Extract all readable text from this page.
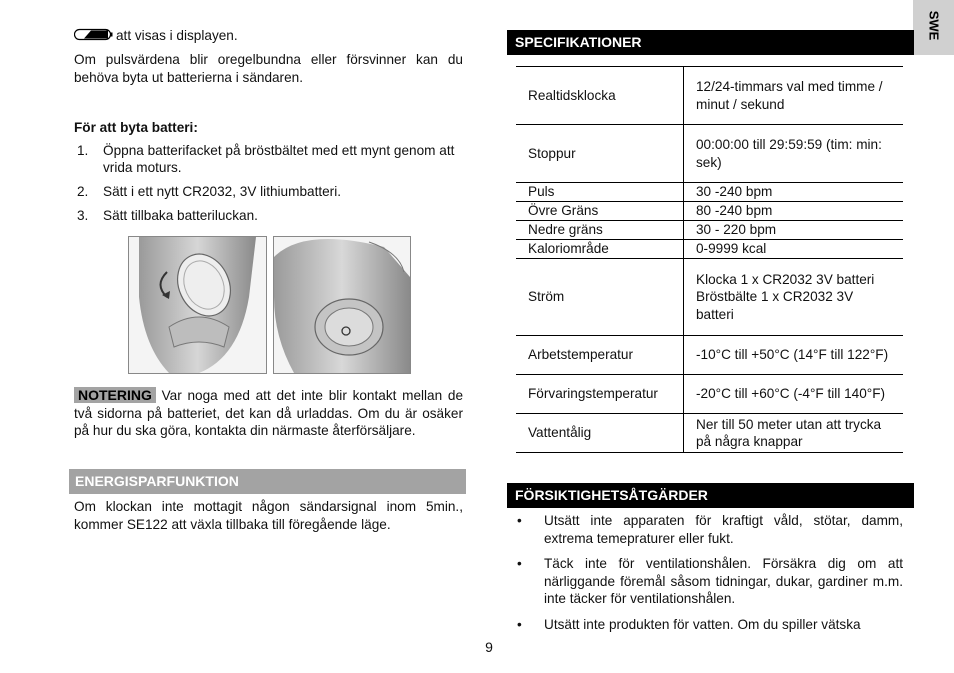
SWE
att visas i displayen.
Om pulsvärdena blir oregelbundna eller försvinner kan du behöva byta ut batterierna i sändaren.
För att byta batteri:
1. Öppna batterifacket på bröstbältet med ett mynt genom att vrida moturs.
2. Sätt i ett nytt CR2032, 3V lithiumbatteri.
3. Sätt tillbaka batteriluckan.
NOTERING Var noga med att det inte blir kontakt mellan de två sidorna på batteriet, det kan då urladdas. Om du är osäker på hur du ska göra, kontakta din närmaste återförsäljare.
ENERGISPARFUNKTION
Om klockan inte mottagit någon sändarsignal inom 5min., kommer SE122 att växla tillbaka till föregående läge.
SPECIFIKATIONER
Realtidsklocka	12/24-timmars val med timme / minut / sekund
Stoppur	00:00:00 till 29:59:59 (tim: min: sek)
Puls	30 -240 bpm
Övre Gräns	80 -240 bpm
Nedre gräns	30 - 220 bpm
Kaloriområde	0-9999 kcal
Ström	Klocka 1 x CR2032 3V batteri Bröstbälte 1 x CR2032 3V batteri
Arbetstemperatur	-10°C till +50°C (14°F till 122°F)
Förvaringstemperatur	-20°C till +60°C (-4°F till 140°F)
Vattentålig	Ner till 50 meter utan att trycka på några knappar
FÖRSIKTIGHETSÅTGÄRDER
• Utsätt inte apparaten för kraftigt våld, stötar, damm, extrema temepraturer eller fukt.
• Täck inte för ventilationshålen. Försäkra dig om att närliggande föremål såsom tidningar, dukar, gardiner m.m. inte täcker för ventilationshålen.
• Utsätt inte produkten för vatten. Om du spiller vätska
9
